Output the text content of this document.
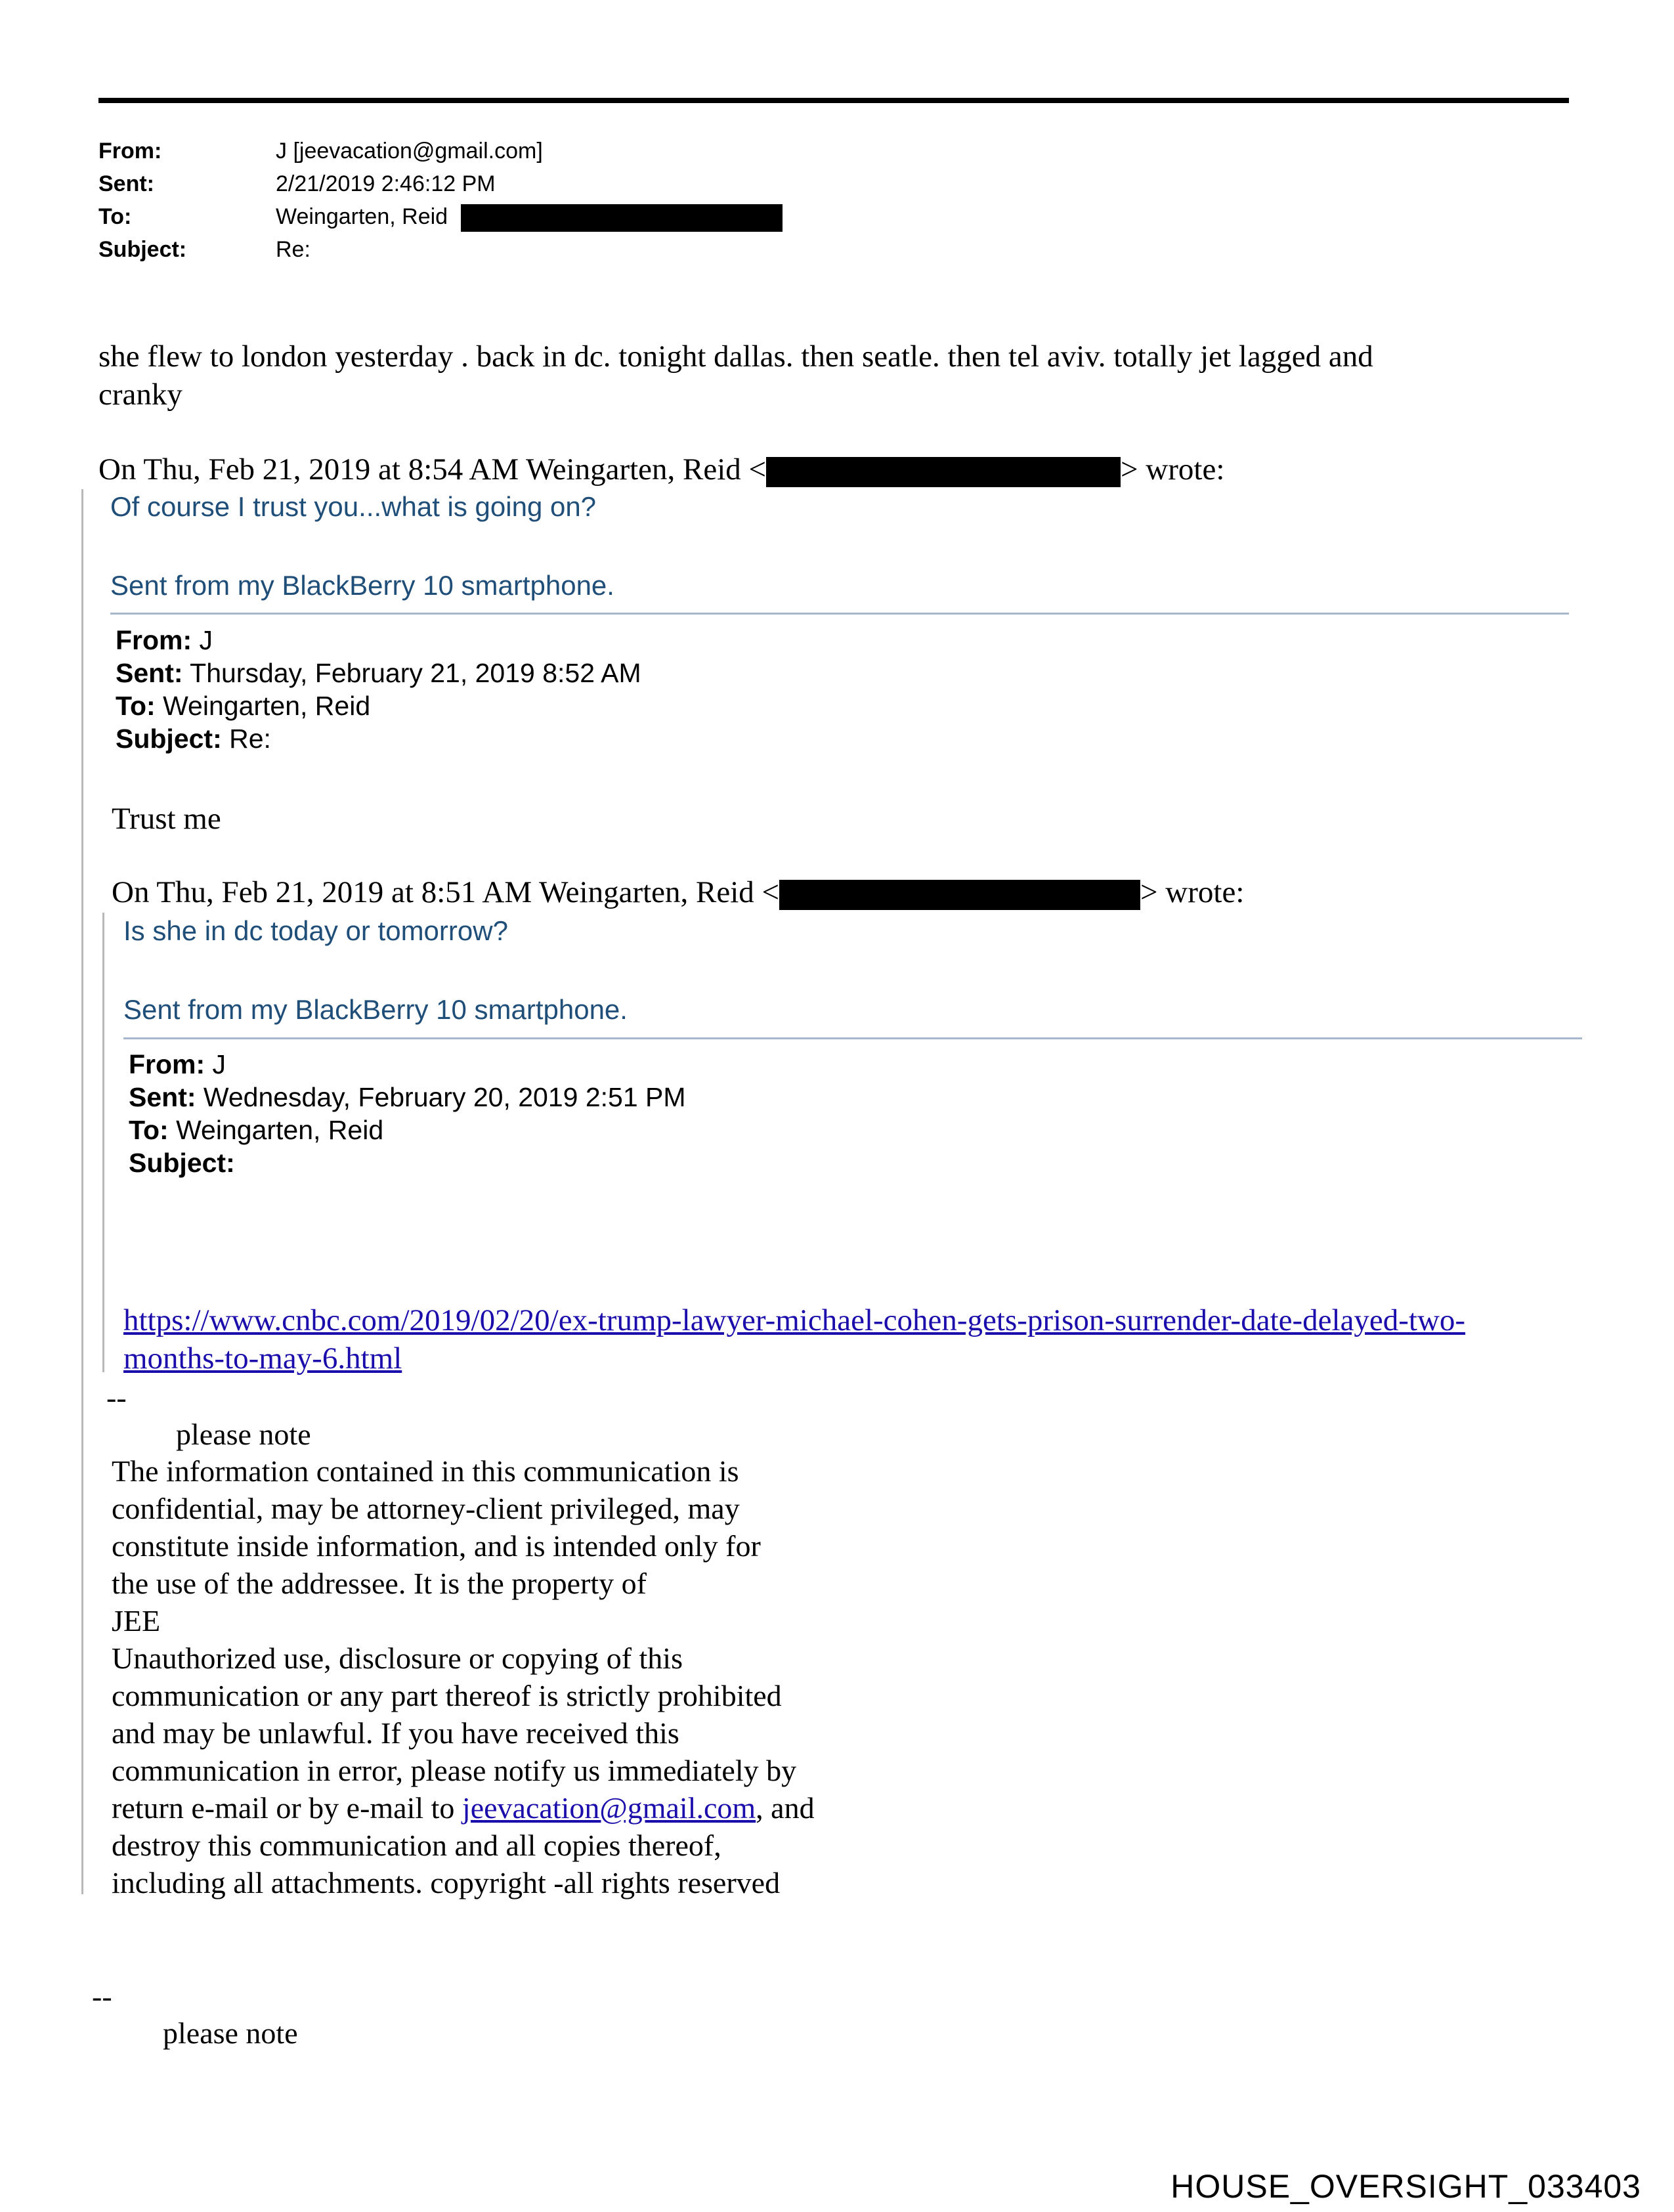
From:	J [jeevacation@gmail.com]
Sent:	2/21/2019 2:46:12 PM
To:	Weingarten, Reid
Subject:	Re:
she flew to london yesterday . back in dc. tonight dallas. then seatle. then tel aviv. totally jet lagged and
cranky
On Thu, Feb 21, 2019 at 8:54 AM Weingarten, Reid <	> wrote:
Of course I trust you...what is going on?
Sent from my BlackBerry 10 smartphone.
From: J
Sent: Thursday, February 21, 2019 8:52 AM
To: Weingarten, Reid
Subject: Re:
Trust me
On Thu, Feb 21, 2019 at 8:51 AM Weingarten, Reid <	> wrote:
Is she in dc today or tomorrow?
Sent from my BlackBerry 10 smartphone.
From: J
Sent: Wednesday, February 20, 2019 2:51 PM
To: Weingarten, Reid
Subject:
https://www.cnbc.com/2019/02/20/ex-trump-lawyer-michael-cohen-gets-prison-surrender-date-delayed-two-
months-to-may-6.html
--
please note
The information contained in this communication is
confidential, may be attorney-client privileged, may
constitute inside information, and is intended only for
the use of the addressee. It is the property of
JEE
Unauthorized use, disclosure or copying of this
communication or any part thereof is strictly prohibited
and may be unlawful. If you have received this
communication in error, please notify us immediately by
return e-mail or by e-mail to jeevacation@gmail.com, and
destroy this communication and all copies thereof,
including all attachments. copyright -all rights reserved
--
please note
HOUSE_OVERSIGHT_033403
